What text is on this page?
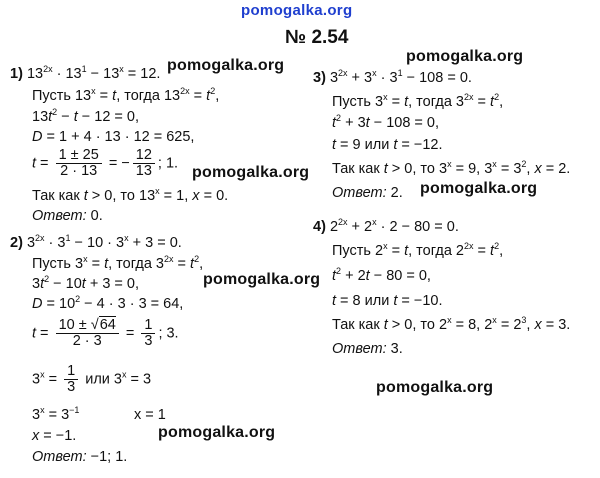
pomogalka.org
pomogalka.org
pomogalka.org
pomogalka.org
pomogalka.org
pomogalka.org
pomogalka.org
pomogalka.org
№ 2.54
1) $13^{2x} \cdot 13^1 - 13^x = 12$.
Пусть $13^x = t$, тогда $13^{2x} = t^2$,
$13t^2 - t - 12 = 0$,
D = 1 + 4 · 13 · 12 = 625,
$t = \frac{1 \pm 25}{2 \cdot 13}$ = − $\frac{12}{13}$ ; 1.
Так как t > 0, то $13^x = 1$, x = 0.
Ответ: 0.
2) $3^{2x} \cdot 3^1 - 10 \cdot 3^x + 3 = 0$.
Пусть $3^x = t$, тогда $3^{2x} = t^2$,
$3t^2 - 10t + 3 = 0$,
$D = 10^2 - 4 \cdot 3 \cdot 3 = 64$,
$t = \frac{10 \pm √64}{2 \cdot 3} = \frac{1}{3}$ ; 3.
$3^x = \frac{1}{3}$ или $3^x = 3$
$3^x = 3^{-1}$	x = 1
x = −1.
Ответ: −1; 1.
3) $3^{2x} + 3^x \cdot 3^1 - 108 = 0$.
Пусть $3^x = t$, тогда $3^{2x} = t^2$,
$t^2 + 3t - 108 = 0$,
t = 9 или t = −12.
Так как t > 0, то $3^x = 9$, $3^x = 3^2$, x = 2.
Ответ: 2.
4) $2^{2x} + 2^x \cdot 2 - 80 = 0$.
Пусть $2^x = t$, тогда $2^{2x} = t^2$,
$t^2 + 2t - 80 = 0$,
t = 8 или t = −10.
Так как t > 0, то $2^x = 8$, $2^x = 2^3$, x = 3.
Ответ: 3.
